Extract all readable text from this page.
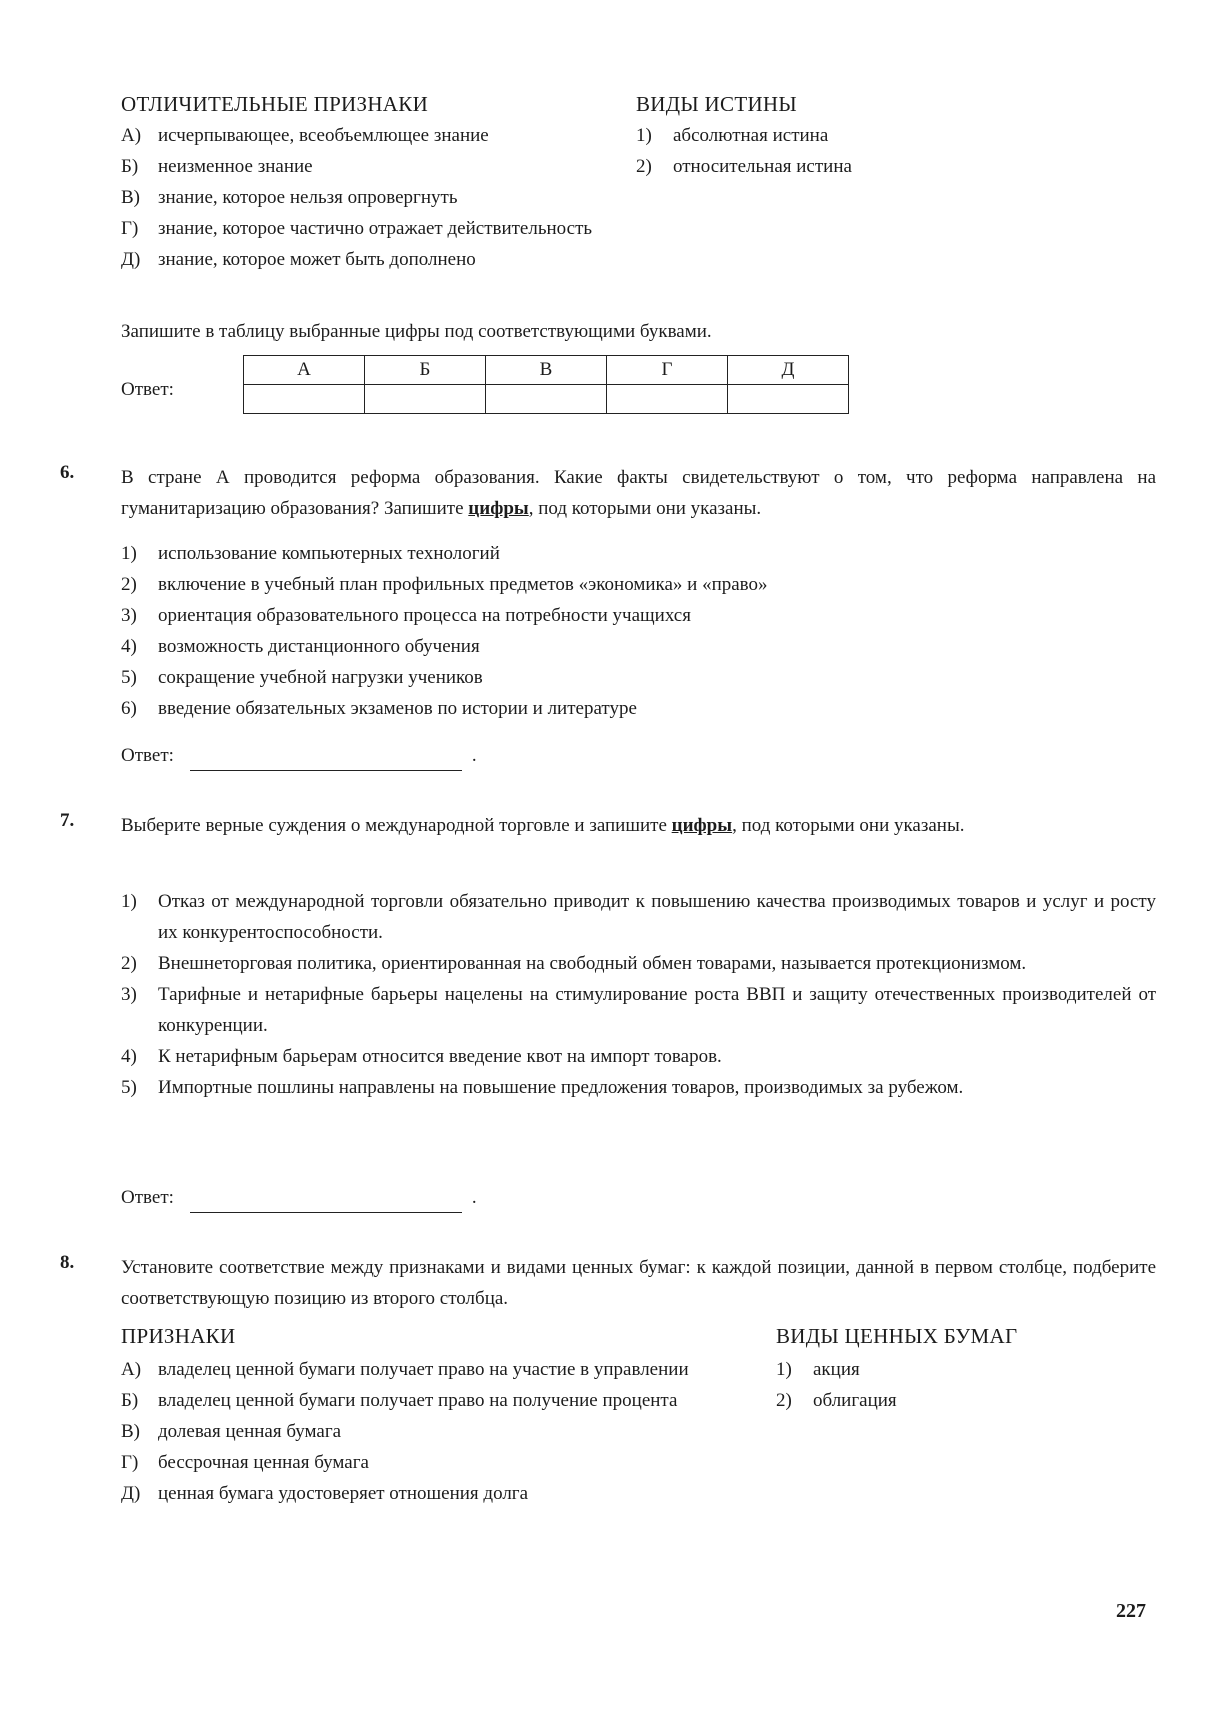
ОТЛИЧИТЕЛЬНЫЕ ПРИЗНАКИ	ВИДЫ ИСТИНЫ
А) исчерпывающее, всеобъемлющее знание
Б)	неизменное знание
В) знание, которое нельзя опровергнуть
Г)	знание, которое частично отражает действительность
Д) знание, которое может быть дополнено
1)	абсолютная истина
2)	относительная истина
Запишите в таблицу выбранные цифры под соответствующими буквами.
Ответ:
А	Б	В	Г	Д

6. В стране А проводится реформа образования. Какие факты свидетельствуют о том, что реформа направлена на гуманитаризацию образования? Запишите цифры, под которыми они указаны.
1)	использование компьютерных технологий
2)	включение в учебный план профильных предметов «экономика» и «право»
3)	ориентация образовательного процесса на потребности учащихся
4)	возможность дистанционного обучения
5)	сокращение учебной нагрузки учеников
6)	введение обязательных экзаменов по истории и литературе
Ответ:	.
7. Выберите верные суждения о международной торговле и запишите цифры, под которыми они указаны.
1)	Отказ от международной торговли обязательно приводит к повышению качества производимых товаров и услуг и росту их конкурентоспособности.
2)	Внешнеторговая политика, ориентированная на свободный обмен товарами, называется протекционизмом.
3)	Тарифные и нетарифные барьеры нацелены на стимулирование роста ВВП и защиту отечественных производителей от конкуренции.
4)	К нетарифным барьерам относится введение квот на импорт товаров.
5)	Импортные пошлины направлены на повышение предложения товаров, производимых за рубежом.
Ответ:	.
8. Установите соответствие между признаками и видами ценных бумаг: к каждой позиции, данной в первом столбце, подберите соответствующую позицию из второго столбца.
ПРИЗНАКИ	ВИДЫ ЦЕННЫХ БУМАГ
А) владелец ценной бумаги получает право на участие в управлении
Б)	владелец ценной бумаги получает право на получение процента
В) долевая ценная бумага
Г)	бессрочная ценная бумага
Д) ценная бумага удостоверяет отношения долга
1)	акция
2)	облигация
227
